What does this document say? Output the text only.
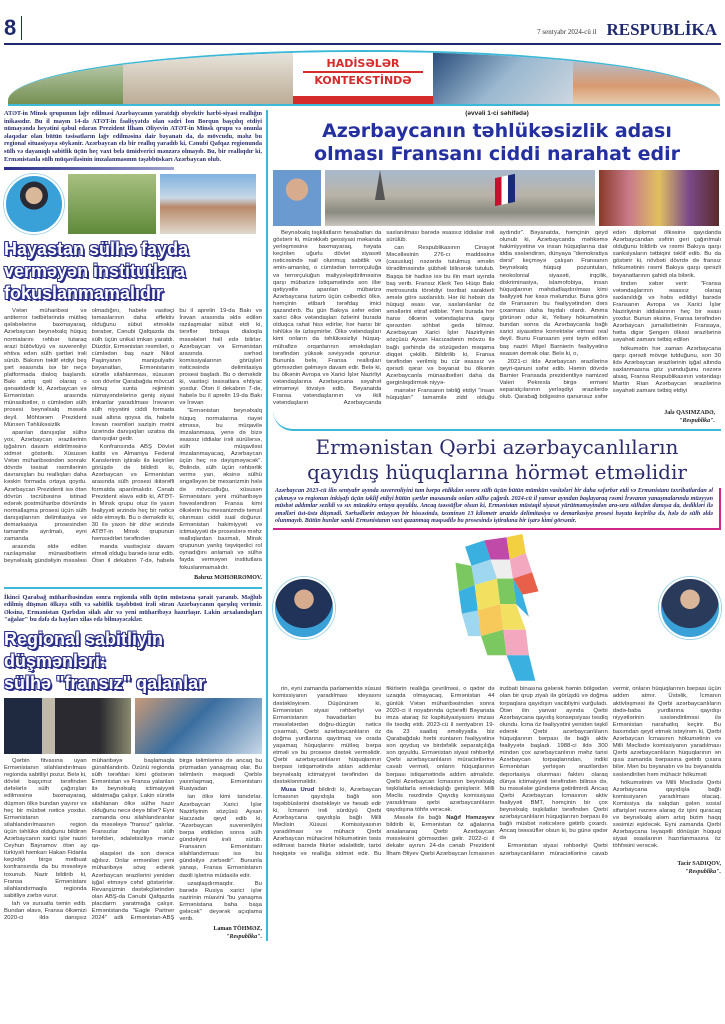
8	7 sentyabr 2024-cü il RESPUBLİKA
HADİSƏLƏR
KONTEKSTİNDƏ
ATƏT-in Minsk qrupunun ləğv edilməsi Azərbaycanın yaratdığı obyektiv hərbi-siyasi reallığın inikasıdır. Bu il mayın 14-də ATƏT-in fəaliyyətdə olan sədri İon Borqun başçılıq etdiyi nümayəndə heyətini qəbul edərən Prezident İlham Əliyevin ATƏT-in Minsk qrupu və onunla əlaqədar olan bütün təsisatların ləğv edilməsinə dair bəyanatı da, də mövcudu, məhz bu regional situasiyaya söykənir. Azərbaycan elə bir reallıq yaradıb ki, Cənubi Qafqaz regionunda sülh və dayanıqlı sabitlik üçün heç vaxt belə ümidverici mənzərə olmayıb. Bu, bir reallıqdır ki, Ermənistanla sülh müqaviləsinin imzalanmasının təşəbbüskarı Azərbaycan olub.
Hayastan sülhə fayda
verməyən institutlara
fokuslanmamalıdır
Vətən müharibəsi və antiterror tədbirlərində mütləq qələbələrinə baxmayaraq, Azərbaycan beynəlxalq hüquq normalarını rəhbər tutaraq ərazi bütövlüyü və suverenliyi ehtiva edən sülh şərtləri irəli sürüb. Bakının təklif etdiyi beş şərt əsasında isə bir neçə platformada dialoq başlanıb. Bakı artıq qəti olaraq o qənaətdədir ki, Azərbaycan və Ermənistan arasında münasibətlər, o cümlədən sülh prosesi beynəlxalq məsələ deyil. Möhtərəm Prezident Münxen Təhlükəsizlik
aparılan danışıqlar sülhə yox, Azərbaycan ərazilərinin işğalının davam etdirilməsinə xidmət göstərib. Xüsusən Vətən müharibəsindən sonrakı dövrdə təsisat rəsmilərinin davranışları bu reallıqları daha kəskin formada ortaya qoydu. Azərbaycan Prezidenti isə ötən dövrün təcrübəsinə istinad edərək postmüharibə dövründə normallaşma prosesi üçün sülh danışıqlarının delimitasiya və demarkasiya prosesindən tamamilə ayrılmalı, eyni zamanda
arasında əldə edilən razılaşmalar münasibətlərin beynəlxalq gündəliyin məsələsi olmadığını, habelə vasitəçi təmaslarının daha effektiv olduğunu sübut etməklə bərabər, Cənubi Qafqazda da sülh üçün unikal imkan yaratdı. Düzdür, Ermənistan rəsmiləri, o cümlədən baş nazir Nikol Paşinyanın manipulyativ bəyanatları, Ermənistanın sürətlə silahlanması, xüsusən son dövrlər Qarabağda mövcud olmuş xunta rejiminin nümayəndələrinə geniş siyasi imkanlar yaradılması İrəvanın sülh niyyətini ciddi formada sual altına qoysa da, habelə İrəvan rəsmiləri sazişin mətni üzərində danışıqları uzatsa da danışıqlar gedir.
Konfransında ABŞ Dövlət katibi və Almaniya Federal Kanslerinin iştirakı ilə keçirilən görüşdə də bildirdi ki, Azərbaycan və Ermənistan arasında sülh prosesi ikitərəfli formatda aparılmalıdır. Cənab Prezident əlavə edib ki, ATƏT-in Minsk qrupu otuz ilə yaxın fəaliyyəti ərzində heç bir nəticə əldə etməyib. Bu o deməkdir ki, 30 ilə yaxın bir dövr ərzində ATƏT-in Minsk qrupunun həmsədrləri tərəfindən
manda vasitəçisiz davam etməli olduğu barədə israr edib. Ötən il dekabrın 7-də, habelə bu il aprelin 19-da Bakı və İrəvan arasında əldə edilən razılaşmalar sübut etdi ki, tərəflər birbaşa dialoqla məsələləri həll edə bilirlər. Azərbaycan və Ermənistan arasında sərhəd komissiyalarının görüşləri nəticəsində delimitasiya prosesi başladı. Bu o deməkdir ki, vasitəçi təsisatlara ehtiyac yoxdur. Ötən il dekabrın 7-də, habelə bu il aprelin 19-da Bakı və İrəvan
"Ermənistan beynəlxalq hüquq normalarına riayət etməsə, bu müqavilə imzalanmasa, yenə də bizə əsassız iddialar irəli sürülərsə, sülh müqaviləsi imzalanmayacaq, Azərbaycan üçün heç nə dəyişməyəcək". Əslində, sülh üçün rəhbərlik vermə yan, əksinə sülhü əngəlləyən bir mexanizmin hələ də mövcudluğu, xüsusən Ermənistanı yeni müharibəyə həvəsləndirən Fransa kimi ölkələrin bu mexanizmdə təmsil olunması ciddi sual doğurur. Ermənistan hakimiyyəti və ictimaiyyəti də proseslərə məhz reallıqlardan baxmalı, Minsk qrupunun yanlış təşviqedici rol oynadığını anlamalı və sülhə fayda verməyən institutlara fokuslanmamalıdır.
Bəhruz MƏHƏRRƏMOV.
İkinci Qarabağ müharibəsindən sonra regionda sülh üçün müstəsna şərait yaranıb. Məğlub edilmiş düşmən ölkəyə sülh və sabitlik təşəbbüsü irəli sürən Azərbaycanın qarşılıq verimir. Əksinə, Ermənistan Qərbdən silah alır və yeni müharibəyə hazırlaşır. Lakin arxalandıqları "ağalar" bu dəfə də hayları xilas edə bilməyəcəklər.
Regional sabitliyin düşmənləri:
sülhə "fransız" qalanlar
Qərbin fitvasına uyan Ermənistanın silahlandırılması regionda sabitliyi pozur. Belə ki, dövlət başçımız tərəfindən dəfələrlə sülh çağırışları edilməsinə baxmayaraq, düşmən ölkə bundan yayınır və heç bir müsbət nəticə yoxdur. Ermənistanın silahlandırılmasının region üçün təhlükə olduğunu bildirən Azərbaycanın xarici işlər naziri Ceyhun Bayramov ötən ay türkiyəli həmkarı Hakan Fidanla keçirdiyi birgə mətbuat konfransında da bu məsələyə toxunub. Nazir bildirib ki, Fransa Ermənistanı silahlandırmaqla regionda sabitliyə zərbə vurur.
lah və sursatla təmin edib. Bundan əlavə, Fransa ölkəmizi 2020-ci ildə danışsız müharibəyə başlamaqla günahlandırıb. Özünü regionda sülh tərəfdarı kimi göstərən Ermənistan və Fransa yalanları ilə beynəlxalq ictimaiyyəti aldatmağa çalışır. Lakin sürətlə silahlanan ölkə sülhə hazır olduğunu necə deyə bilər? Eyni zamanda onu silahlandıranlar da məsələyə "fransız" qalırlar. Fransızlar hayları sülh tərəfdən, ədalətsizliyə məruz qa-
əlaqələri də son dərəcə ağılsız. Onlar erməniləri yeni müharibəyə sövq edərək Azərbaycan ərazilərini yenidən işğal etməyə cəhd göstərirlər. Revanşizmin dəstəkçilərindən olan ABŞ-da Cənubi Qafqazda placdarm yaratmağa çalışır. Ermənistanda "Eagle Partner 2024" adlı Ermənistan-ABŞ birgə təlimlərinə də ancaq bu prizmadan yanaşmaq olar. Bu təlimlərin məqsədi Qərblə yaxınlaşmaq, Ermənistanı Rusiyadan
lan ölkə kimi tanıdırlar. Azərbaycan Xarici İşlər Nazirliyinin sözçüsü Ayxan Hacızadə qeyd edib ki, "Azərbaycan suverenliyini bərpa etdikdən sonra sülh gündəliyini irəli sürüb. Fransanın Ermənistanı silahlandırması isə bu gündəliyə zərbədir". Bununla yanaşı, Fransa Ermənistanın daxili işlərinə müdaxilə edir.
uzaqlaşdırmaqdır. Bu barədə Rusiya xarici işlər nazirinin müavini "bu yanaşma Ermənistana baha başa gələcək" deyərək açıqlama verib.
Laman TÖHMƏZ,
"Respublika".
(əvvəli 1-ci səhifədə)
Azərbaycanın təhlükəsizlik adası
olması Fransanı ciddi narahat edir
Beynəlxalq təşkilatların hesabatları da göstərir ki, mürəkkəb geosiyasi məkanda yerləşməsinə baxmayaraq, həyata keçirilən uğurlu dövlət siyasəti nəticəsində nail olunmuş sabitlik və əmin-amanlıq, o cümlədən terrorçuluğa və terrorçuluğun maliyyələşdirilməsinə qarşı mübarizə istiqamətində son illər qətiyyətlə aparılan mübarizə Azərbaycana turizm üçün cəlbedici ölkə, həmçinin etibarlı tərəfdaş imici qazandırıb. Bu gün Bakıya səfər edən xarici ölkə vətəndaşları özlərini burada olduqca rahat hiss edirlər, hər hansı bir təhlükə ilə üzləşmirlər. Ölkə vətəndaşları kimi onların da təhlükəsizliyi hüquq-mühafizə orqanlarının əməkdaşları tərəfindən yüksək səviyyədə qorunur. Bununla belə, Fransa reallıqları görməzdən gəlməyə davam edir. Belə ki, bu ölkənin Avropa və Xarici İşlər Nazirliyi vətəndaşlarına Azərbaycana səyahət etməməyi tövsiyə edib. Bəyanatda Fransa vətəndaşlarının və ikili vətəndaşların Azərbaycanda saxlanılması barədə əsassız iddialar irəli sürülüb.
can Respublikasının Cinayət Məcəlləsinin 276-cı maddəsinə (casusluq) nəzərdə tutulmuş əməlin törədilməsində şübhəli bilinərək tutulub. Başqa bir hadisə isə bu ilin mart ayında baş verib. Fransız Klerk Teo Hüqo Bakı metrosunda törətdiyi təxribat xarakterli əmələ görə saxlanılıb. Hər iki həbsin də hüquqi əsası var, saxlanılanlar öz əməllərini etiraf ediblər. Yəni burada hər hansı ölkənin vətəndaşlarına qarşı qərəzdən söhbət gedə bilməz. Azərbaycan Xarici İşlər Nazirliyinin sözçüsü Ayxan Hacızadənin mövzu ilə bağlı şərhində də sözügedən məqama diqqət çəkilib. Bildirilib ki, Fransa tərəfindən verilmiş bu cür əsassız və qərəzli qərar və bəyanat bu ölkənin Azərbaycanla münasibətləri daha da gərginləşdirmək niyyə-
manələr Fransanın təbliğ etdiyi "insan hüquqları" tamamilə zidd olduğu aydındır". Bəyanatda, həmçinin qeyd olunub ki, Azərbaycanda məhkəmə hakimiyyətinə və insan hüquqlarına dair iddia səsləndirən, dünyaya "demokratiya dərsi" keçməyə çalışan Fransanın beynəlxalq hüquqi pozuntuları, neokolonial siyasəti, irqçilik, diskriminasiya, islamofobiya, insan hüquqlarının məhdudlaşdırılması kimi fəaliyyəti hər kəsə məlumdur. Buna görə də Fransanın bu fəaliyyətindən dərs çıxarması daha faydalı olardı. Amma görünən odur ki, Yelisey hökumətinin bundan sonra da Azərbaycanla bağlı xarici siyasətinə korrektələr etməsi real deyil. Bunu Fransanın yeni təyin edilən baş naziri Mişel Barnierin fəaliyyətinə əsasən demək olar. Belə ki, o,
2021-ci ildə Azərbaycan ərazilərinə qeyri-qanuni səfər edib. Həmin dövrdə Barnier Fransada prezidentliyə namizəd Valeri Pekresla birgə erməni separatçılarının yerləşdiyi ərazilərdə olub. Qarabağ bölgəsinə qanunsuz səfər edən diplomat ölkəsinə qayıdanda Azərbaycandan səfirin geri çağırılmalı olduğunu bildirib və rəsmi Bakıya qarşı sanksiyaların tətbiqini təklif edib. Bu da göstərir ki, növbəti dövrdə də fransız hökumətinin rəsmi Bakıya qarşı qərəzli bəyanatlarının şahidi ola bilərik.
tindən xəbər verir: "Fransa vətəndaşlarının əsassız olaraq saxlanıldığı və həbs edildiyi barədə Fransanın Avropa və Xarici İşlər Nazirliyinin iddialarının heç bir əsası yoxdur. Bunun əksinə, Fransa tərəfindən Azərbaycan jurnalistlərinin Fransaya, hətta digər Şengen ölkəsi ərazilərinə səyahəti zamanı tətbiq edilən
hökumətin hər zaman Azərbaycana qarşı qərəzli mövqe tutduğunu, son 30 ildə Azərbaycan ərazilərinin işğal altında saxlanmasına göz yumduğunu nəzərə alsaq, Fransa Respublikasının vətəndaşı Martin Rian Azərbaycan ərazilərinə səyahəti zamanı tətbiq etdiyi
Jalə QASIMZADƏ,
"Respublika".
Ermənistan Qərbi azərbaycanlıların
qayıdış hüquqlarına hörmət etməlidir
Azərbaycan 2023-cü ilin sentyabr ayında suverenliyini tam bərpa etdikdən sonra sülh üçün bütün mümkün vasitələri bir daha səfərbər etdi və Ermənistanı təxribatlardan əl çəkməyə və regionun inkişafı üçün təklif etdiyi bütün şərtlər masasında onları sülhə çağırdı. 2024-cü il yanvar ayından başlayaraq rəsmi İrəvanın yanaşmalarında müəyyən müsbət addımlar sezildi və sıx müzakirə ortaya qoyuldu. Ancaq təəssüflər olsun ki, Ermənistan müstəqil siyasət yürütməməyindən ara-sıra sülhdən danışsa da, dedikləri ilə əməlləri üst-üstə düşmədi. Sərhədlərin müəyyən bir hissəsində, təxminən 13 kilometr arazidə delimitasiya və demarkasiya prosesi həyata keçirilsə də, hələ də sülh əldə olunmayıb. Bütün bunlar sanki Ermənistanın vaxt qazanmaq məqsədilə bu prosesində iştirakına bir işarə kimi görsənir.
rin, eyni zamanda parlamentdə xüsusi komissiyanın yaradılması ideyasını dəstəkləyirəm. Düşünürəm ki, Ermənistan siyasi rəhbərliyi və Ermənistanın havadarları bu məsələlərdən doğru-düzgün nəticə çıxarmalı, Qərbi azərbaycanlıların öz doğma yurdlarına qayıtmaq və orada yaşamaq hüquqlarını mütləq bərpa etməli və bu prosesə dəstək verməlidir. Qərbi azərbaycanlıların hüquqlarının bərpası istiqamətində atılan addımlar beynəlxalq ictimaiyyət tərəfindən də dəstəklənməlidir.
Musa Urud bildirdi ki, Azərbaycan İcmasının qayıdışla bağlı son təşəbbüslərini dəstəkləyir və hesab edir ki, İcmanın irəli sürdüyü Qərbi Azərbaycana qayıdışla bağlı Milli Məclisin Xüsusi Komissiyasının yaradılması və mühacir Qərbi Azərbaycan mühacirət hökumətinin təsis edilməsi barədə fikirlər ədalətlidir, tarixi həqiqətə və reallığa xidmət edir. Bu fikirlərin reallığa çevrilməsi, o qədər də uzaqda olmayacaq. Ermənistan 44 günlük Vətən müharibəsindən sonra 2020-ci il noyabrında üçtərəfli Bəyanata imza ataraq öz kapitulyasiyasını imzası ilə təsdiq etdi. 2023-cü il sentyabrın 19-da 23 saatlıq əməliyyatla biz Qarabağdakı hərbi xuntanın fəaliyyətinə son qoyduq və birdəfəlik separatçılığa son qoyuldu. Ermənistan siyasi rəhbərliyi Qərbi azərbaycanlıların müraciətlərinə cavab verməli, onların hüquqlarının bərpası istiqamətində addım atmalıdır. Qərbi Azərbaycan İcmasının beynəlxalq təşkilatlarla əməkdaşlığı genişlənir. Milli Məclis nəzdində Qayıdış komissiyası yaradılması qərbi azərbaycanlıların qayıdışına töhfə verəcək.
Məsələ ilə bağlı Nağıf Həmzəyev bildirib ki, Ermənistan öz ağalarına arxalanaraq Qərbi Azərbaycan məsələsini görməzdən gəlir. 2022-ci il dekabr ayının 24-də cənab Prezident İlham Əliyev Qərbi Azərbaycan İcmasının inzibati binasına gələrək həmin bölgədən olan bir qrup ziyalı ilə görüşdü və doğma torpaqlara qayıdışın vacibliyini vurğuladı. Ötən ilin yanvar ayında Qərbi Azərbaycana qayıdış konsepsiyası təsdiq olundu. İcma öz fəaliyyətini yenidən təşkil edərək Qərbi azərbaycanlıların hüquqlarının bərpası ilə bağlı aktiv fəaliyyətə başladı. 1988-ci ildə 300 mindən çox azərbaycanlının məhz tarixi Azərbaycan torpaqlarından, indiki Ermənistan yerləşən ərazilərdən deportasiya olunması faktını olaraq dünya ictimaiyyəti tərəfindən bilinsə də, bu məsələlər gündəmə gətirilmirdi. Ancaq Qərbi Azərbaycan İcmasının aktiv fəaliyyəti BMT, həmçinin bir çox beynəlxalq təşkilatlar tərəfindən Qərbi azərbaycanlıların hüquqlarının bərpası ilə bağlı müsbət nəticələrə gətirib çıxardı. Ancaq təəssüflər olsun ki, bu günə qədər də
Ermənistan siyasi rəhbərliyi Qərbi azərbaycanlıların müraciətlərinə cavab vermir, onların hüquqlarının bərpası üçün addım atmır. Üstəlik, İcmanın aktivləşməsi ilə Qərbi azərbaycanlıların dədə-baba yurdlarına qayıdışı niyyətlərinin səsləndirilməsi ilə Ermənistan narahatlıq keçirir. Bu baxımdan qeyd etmək istəyirəm ki, Qərbi Azərbaycan İcmasının hökumətinin və Milli Məclisdə komissiyanın yaradılması Qərbi azərbaycanlıların hüquqlarının ən qısa zamanda bərpasına gətirib çıxara bilər. Mən bu bəyanatın və bu bəyanatda səsləndirilən həm mühacir hökuməti
hökumətinin və Milli Məclisdə Qərbi Azərbaycana qayıdışla bağlı komissiyanın yaradılması olacaq. Komissiya da xalqdan gələn sosial sifarişləri nəzərə alaraq öz işini quracaq və beynəlxalq aləm artıq bizim haqq səsimizi eşidəcək. Eyni zamanda Qərbi Azərbaycana ləyaqətli dönüşün hüquqi siyasi əsaslarının hazırlanmasına öz töhfəsini verəcək.
Tacir SADIQOV,
"Respublika".
